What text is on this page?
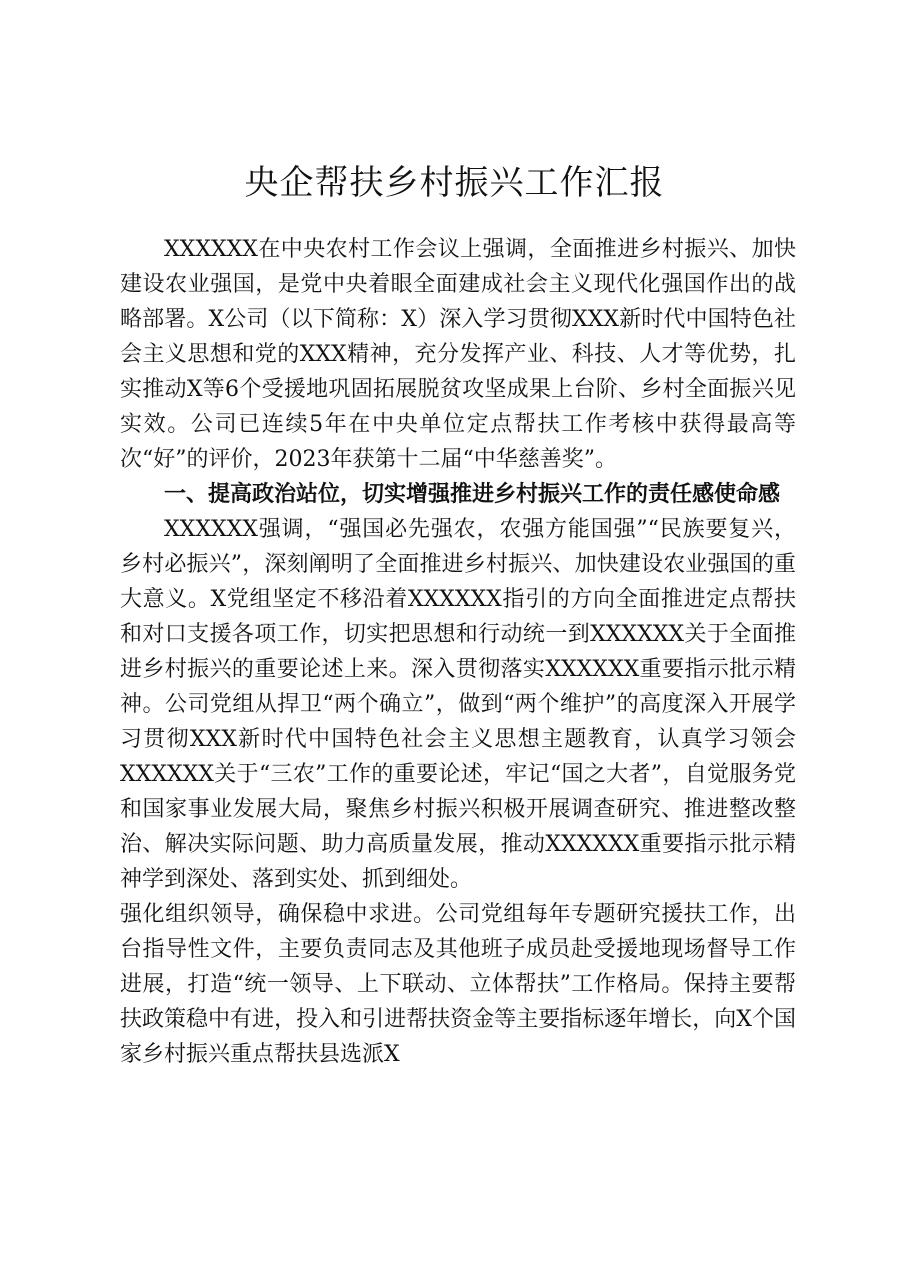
央企帮扶乡村振兴工作汇报

XXXXXX在中央农村工作会议上强调，全面推进乡村振兴、加快建设农业强国，是党中央着眼全面建成社会主义现代化强国作出的战略部署。X公司（以下简称：X）深入学习贯彻XXX新时代中国特色社会主义思想和党的XXX精神，充分发挥产业、科技、人才等优势，扎实推动X等6个受援地巩固拓展脱贫攻坚成果上台阶、乡村全面振兴见实效。公司已连续5年在中央单位定点帮扶工作考核中获得最高等次“好”的评价，2023年获第十二届“中华慈善奖”。

一、提高政治站位，切实增强推进乡村振兴工作的责任感使命感

XXXXXX强调，“强国必先强农，农强方能国强”“民族要复兴，乡村必振兴”，深刻阐明了全面推进乡村振兴、加快建设农业强国的重大意义。X党组坚定不移沿着XXXXXX指引的方向全面推进定点帮扶和对口支援各项工作，切实把思想和行动统一到XXXXXX关于全面推进乡村振兴的重要论述上来。深入贯彻落实XXXXXX重要指示批示精神。公司党组从捍卫“两个确立”，做到“两个维护”的高度深入开展学习贯彻XXX新时代中国特色社会主义思想主题教育，认真学习领会XXXXXX关于“三农”工作的重要论述，牢记“国之大者”，自觉服务党和国家事业发展大局，聚焦乡村振兴积极开展调查研究、推进整改整治、解决实际问题、助力高质量发展，推动XXXXXX重要指示批示精神学到深处、落到实处、抓到细处。

强化组织领导，确保稳中求进。公司党组每年专题研究援扶工作，出台指导性文件，主要负责同志及其他班子成员赴受援地现场督导工作进展，打造“统一领导、上下联动、立体帮扶”工作格局。保持主要帮扶政策稳中有进，投入和引进帮扶资金等主要指标逐年增长，向X个国家乡村振兴重点帮扶县选派X
